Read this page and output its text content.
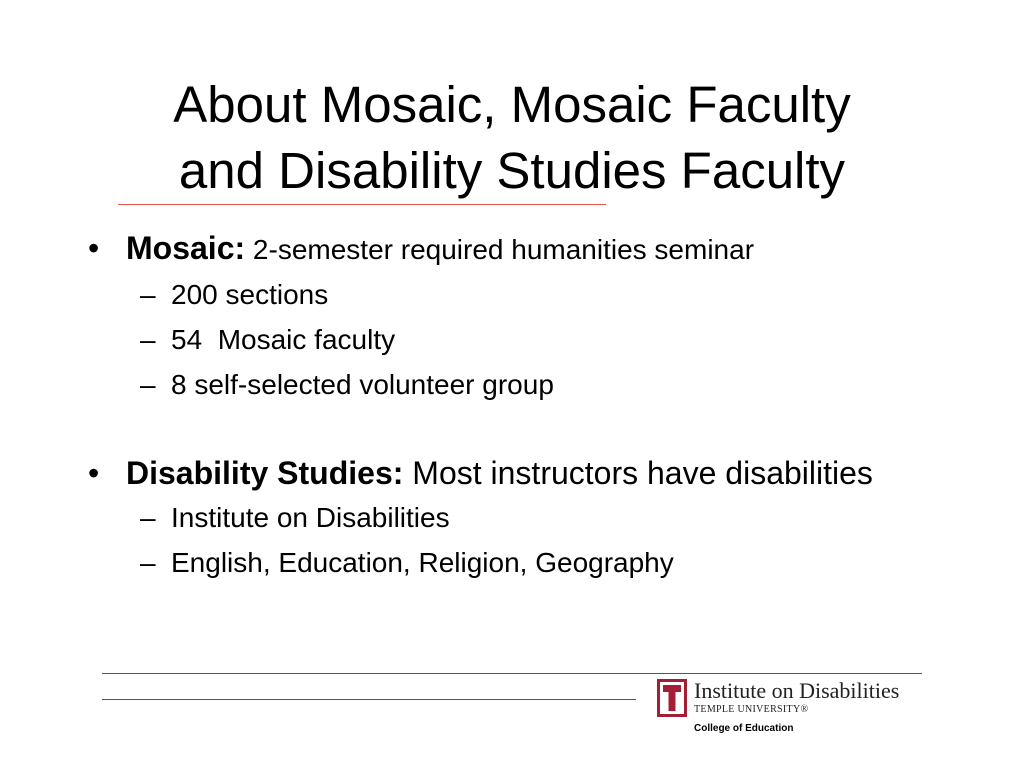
About Mosaic, Mosaic Faculty
and Disability Studies Faculty
• Mosaic: 2-semester required humanities seminar
– 200 sections
– 54  Mosaic faculty
– 8 self-selected volunteer group
• Disability Studies: Most instructors have disabilities
– Institute on Disabilities
– English, Education, Religion, Geography
Institute on Disabilities
TEMPLE UNIVERSITY®
College of Education
